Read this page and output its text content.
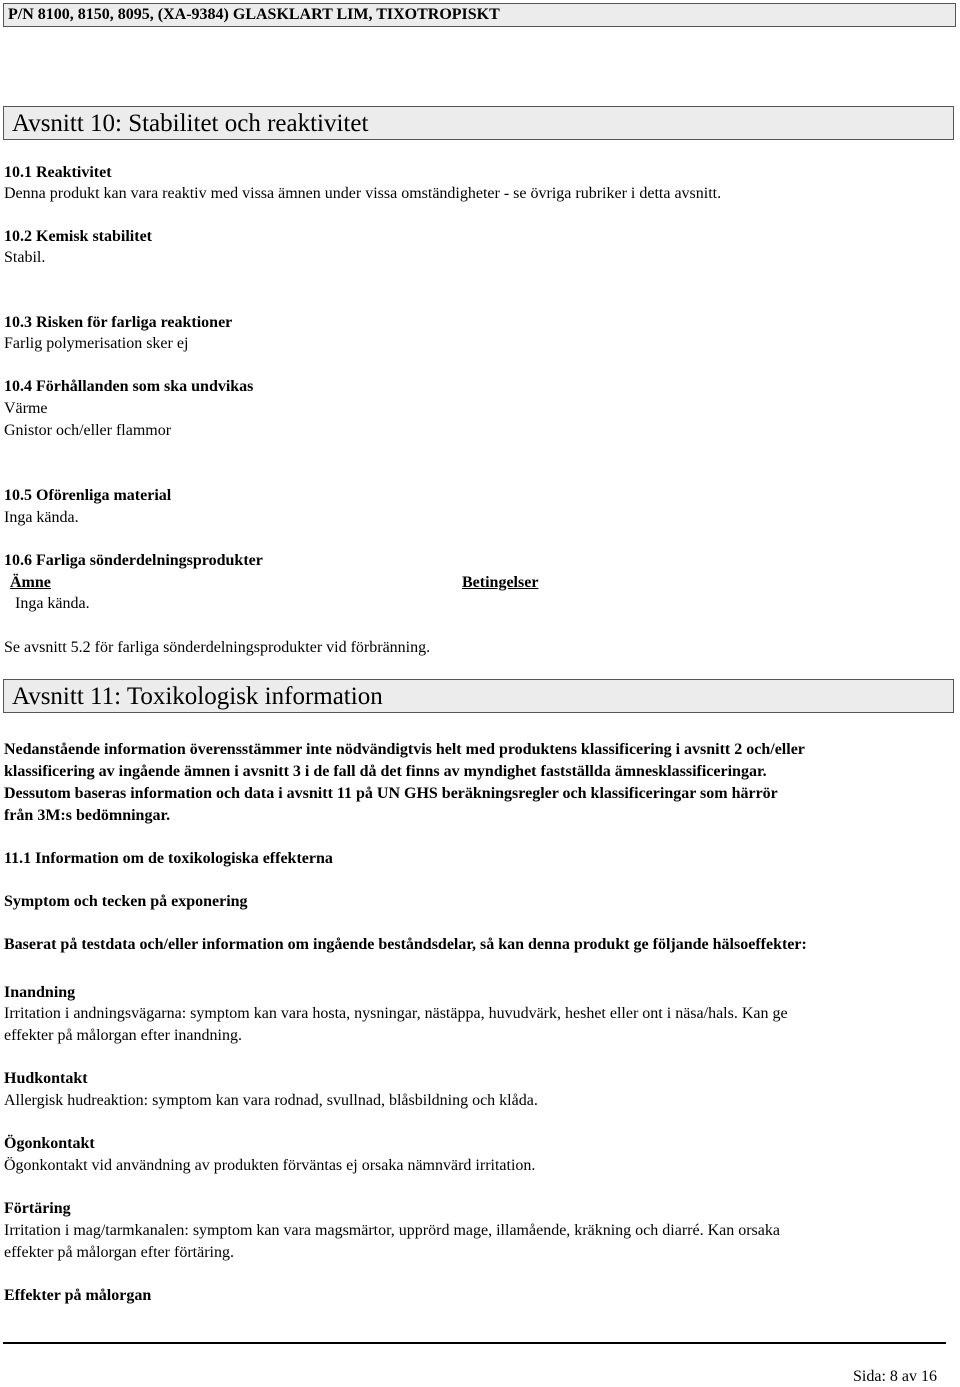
P/N 8100, 8150, 8095, (XA-9384) GLASKLART LIM, TIXOTROPISKT
Avsnitt 10: Stabilitet och reaktivitet
10.1 Reaktivitet
Denna produkt kan vara reaktiv med vissa ämnen under vissa omständigheter - se övriga rubriker i detta avsnitt.
10.2 Kemisk stabilitet
Stabil.
10.3 Risken för farliga reaktioner
Farlig polymerisation sker ej
10.4 Förhållanden som ska undvikas
Värme
Gnistor och/eller flammor
10.5 Oförenliga material
Inga kända.
10.6 Farliga sönderdelningsprodukter
Ämne	Betingelser
Inga kända.
Se avsnitt 5.2 för farliga sönderdelningsprodukter vid förbränning.
Avsnitt 11: Toxikologisk information
Nedanstående information överensstämmer inte nödvändigtvis helt med produktens klassificering i avsnitt 2 och/eller
klassificering av ingående ämnen i avsnitt 3 i de fall då det finns av myndighet fastställda ämnesklassificeringar.
Dessutom baseras information och data i avsnitt 11 på UN GHS beräkningsregler och klassificeringar som härrör
från 3M:s bedömningar.
11.1 Information om de toxikologiska effekterna
Symptom och tecken på exponering
Baserat på testdata och/eller information om ingående beståndsdelar, så kan denna produkt ge följande hälsoeffekter:
Inandning
Irritation i andningsvägarna: symptom kan vara hosta, nysningar, nästäppa, huvudvärk, heshet eller ont i näsa/hals. Kan ge
effekter på målorgan efter inandning.
Hudkontakt
Allergisk hudreaktion: symptom kan vara rodnad, svullnad, blåsbildning och klåda.
Ögonkontakt
Ögonkontakt vid användning av produkten förväntas ej orsaka nämnvärd irritation.
Förtäring
Irritation i mag/tarmkanalen: symptom kan vara magsmärtor, upprörd mage, illamående, kräkning och diarré. Kan orsaka
effekter på målorgan efter förtäring.
Effekter på målorgan
Sida: 8 av 16
